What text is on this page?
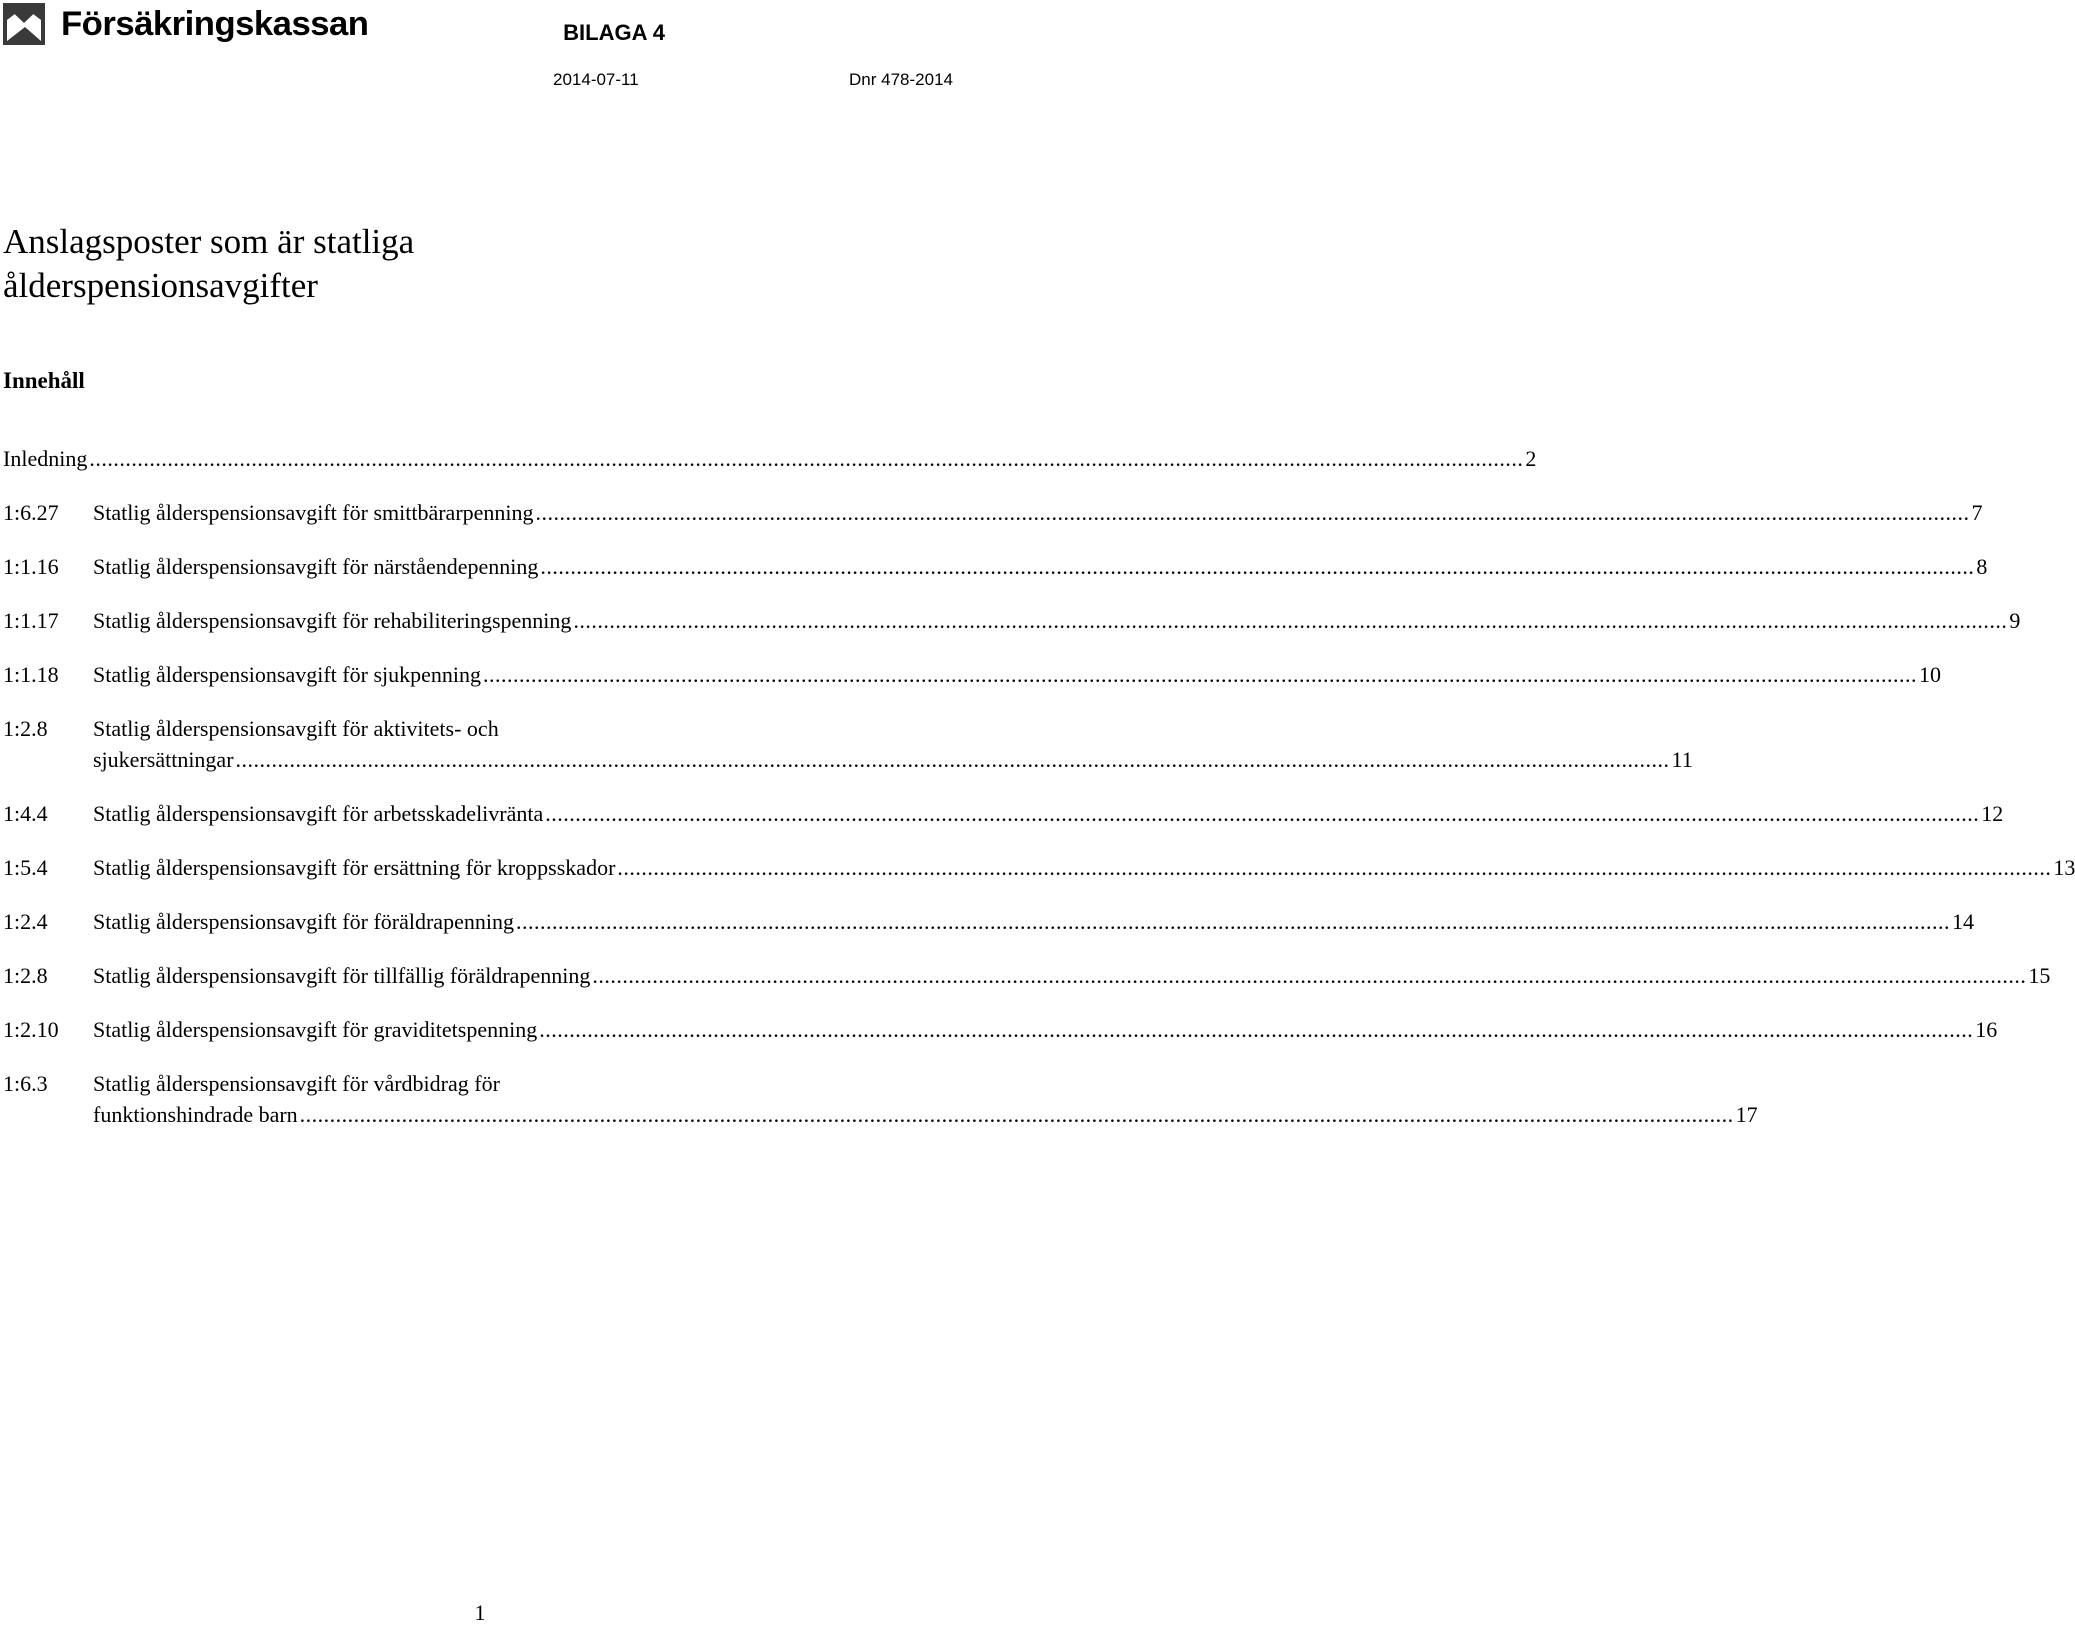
Försäkringskassan	BILAGA 4
2014-07-11	Dnr 478-2014
Anslagsposter som är statliga ålderspensionsavgifter
Innehåll
Inledning .....	2
1:6.27	Statlig ålderspensionsavgift för smittbärarpenning .....	7
1:1.16	Statlig ålderspensionsavgift för närståendepenning .....	8
1:1.17	Statlig ålderspensionsavgift för rehabiliteringspenning .....	9
1:1.18	Statlig ålderspensionsavgift för sjukpenning .....	10
1:2.8	Statlig ålderspensionsavgift för aktivitets- och
sjukersättningar .....	11
1:4.4	Statlig ålderspensionsavgift för arbetsskadelivränta .....	12
1:5.4	Statlig ålderspensionsavgift för ersättning för kroppsskador .....	13
1:2.4	Statlig ålderspensionsavgift för föräldrapenning .....	14
1:2.8	Statlig ålderspensionsavgift för tillfällig föräldrapenning .....	15
1:2.10	Statlig ålderspensionsavgift för graviditetspenning .....	16
1:6.3	Statlig ålderspensionsavgift för vårdbidrag för
funktionshindrade barn .....	17
1
